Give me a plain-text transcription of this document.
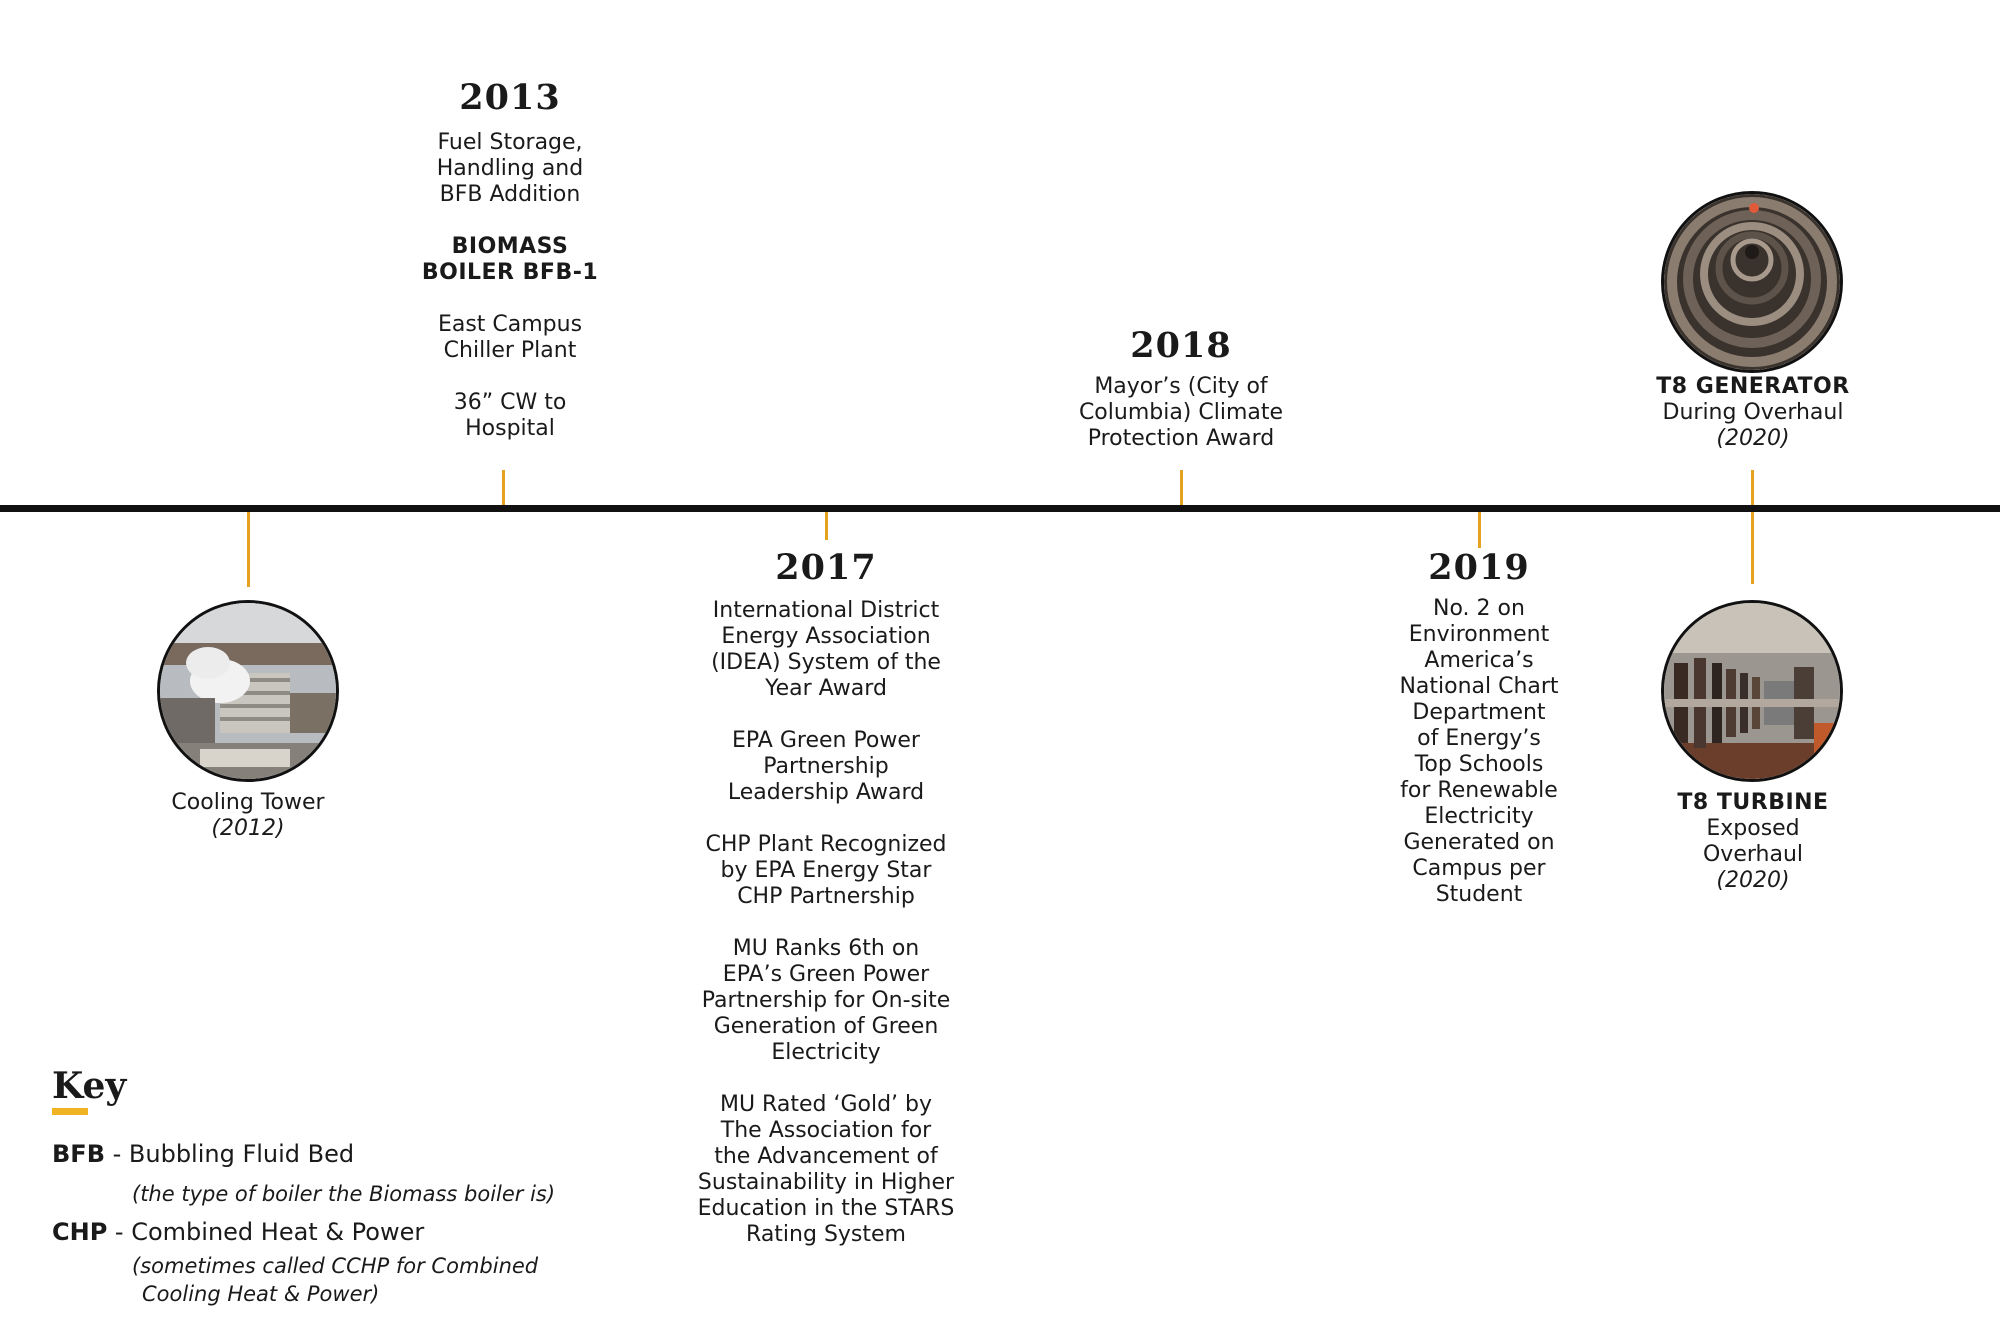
2013
Fuel Storage,
Handling and
BFB Addition
BIOMASS
BOILER BFB-1
East Campus
Chiller Plant
36” CW to
Hospital
2017
International District
Energy Association
(IDEA) System of the
Year Award
EPA Green Power
Partnership
Leadership Award
CHP Plant Recognized
by EPA Energy Star
CHP Partnership
MU Ranks 6th on
EPA’s Green Power
Partnership for On-site
Generation of Green
Electricity
MU Rated ‘Gold’ by
The Association for
the Advancement of
Sustainability in Higher
Education in the STARS
Rating System
2018
Mayor’s (City of
Columbia) Climate
Protection Award
2019
No. 2 on
Environment
America’s
National Chart
Department
of Energy’s
Top Schools
for Renewable
Electricity
Generated on
Campus per
Student
Cooling Tower
(2012)
T8 GENERATOR
During Overhaul
(2020)
T8 TURBINE
Exposed
Overhaul
(2020)
Key
BFB - Bubbling Fluid Bed
(the type of boiler the Biomass boiler is)
CHP - Combined Heat & Power
(sometimes called CCHP for Combined
Cooling Heat & Power)
